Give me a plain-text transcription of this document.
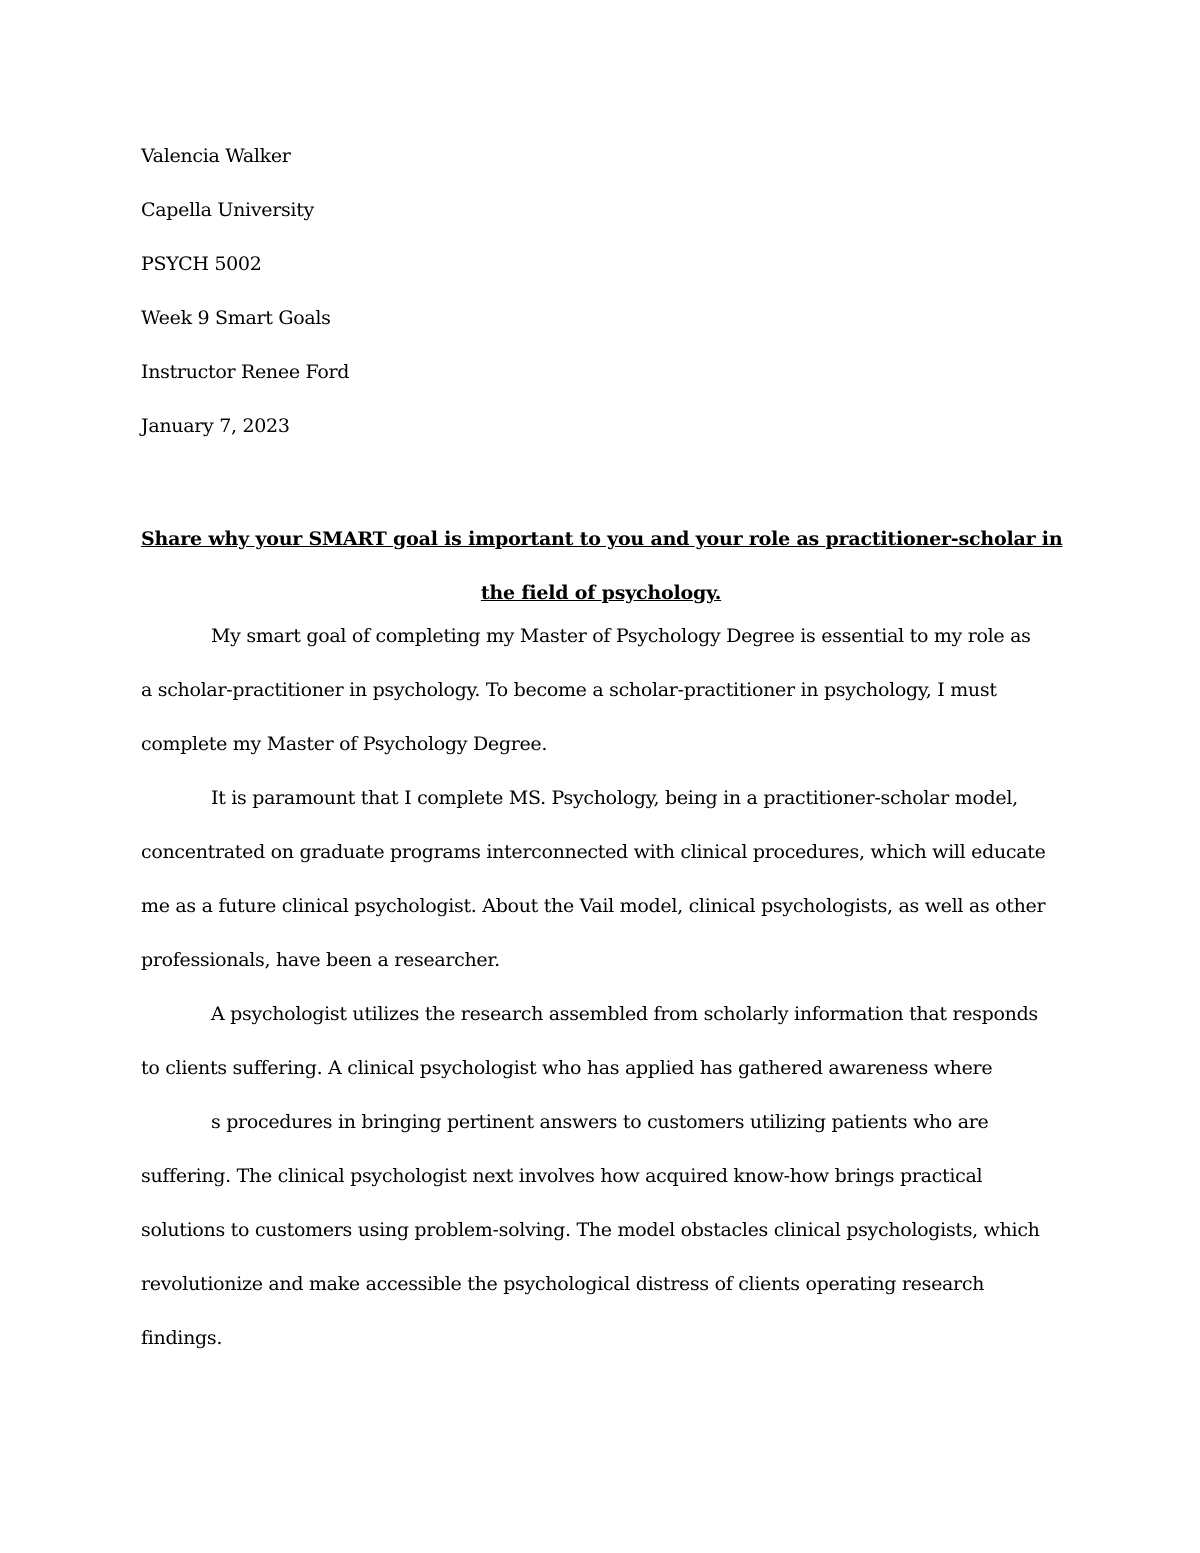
Valencia Walker
Capella University
PSYCH 5002
Week 9 Smart Goals
Instructor Renee Ford
January 7, 2023
Share why your SMART goal is important to you and your role as practitioner-scholar in
the field of psychology.
My smart goal of completing my Master of Psychology Degree is essential to my role as
a scholar-practitioner in psychology. To become a scholar-practitioner in psychology, I must
complete my Master of Psychology Degree.
It is paramount that I complete MS. Psychology, being in a practitioner-scholar model,
concentrated on graduate programs interconnected with clinical procedures, which will educate
me as a future clinical psychologist. About the Vail model, clinical psychologists, as well as other
professionals, have been a researcher.
A psychologist utilizes the research assembled from scholarly information that responds
to clients suffering. A clinical psychologist who has applied has gathered awareness where
s procedures in bringing pertinent answers to customers utilizing patients who are
suffering. The clinical psychologist next involves how acquired know-how brings practical
solutions to customers using problem-solving. The model obstacles clinical psychologists, which
revolutionize and make accessible the psychological distress of clients operating research
findings.
